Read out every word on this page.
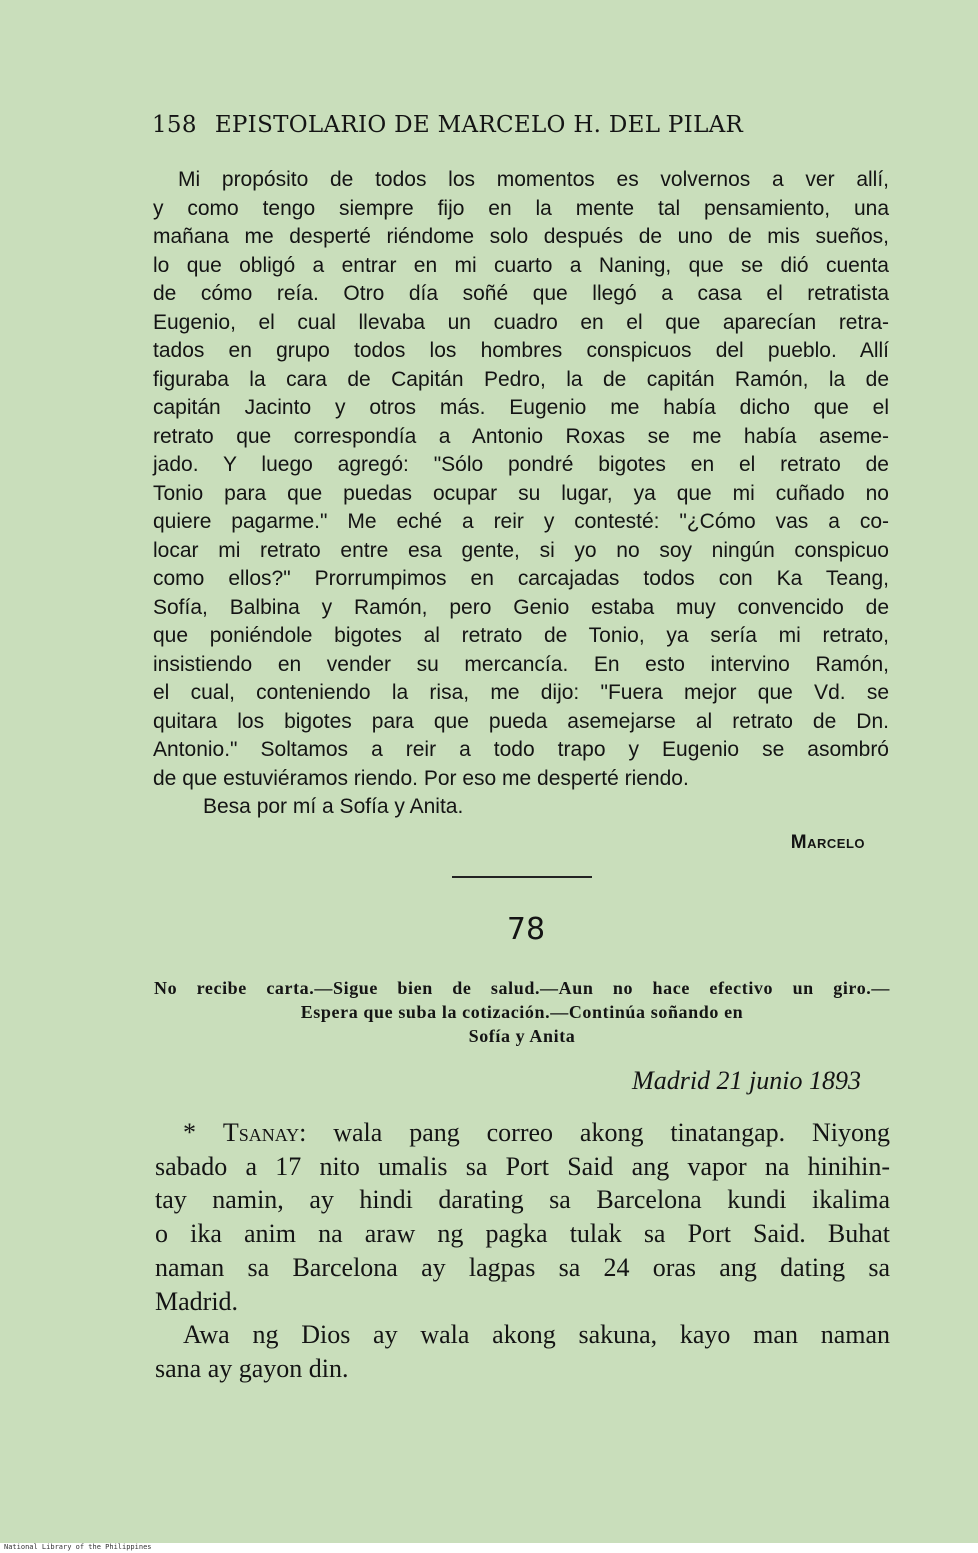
158 EPISTOLARIO DE MARCELO H. DEL PILAR
Mi propósito de todos los momentos es volvernos a ver allí,
y como tengo siempre fijo en la mente tal pensamiento, una
mañana me desperté riéndome solo después de uno de mis sueños,
lo que obligó a entrar en mi cuarto a Naning, que se dió cuenta
de cómo reía. Otro día soñé que llegó a casa el retratista
Eugenio, el cual llevaba un cuadro en el que aparecían retra-
tados en grupo todos los hombres conspicuos del pueblo. Allí
figuraba la cara de Capitán Pedro, la de capitán Ramón, la de
capitán Jacinto y otros más. Eugenio me había dicho que el
retrato que correspondía a Antonio Roxas se me había aseme-
jado. Y luego agregó: "Sólo pondré bigotes en el retrato de
Tonio para que puedas ocupar su lugar, ya que mi cuñado no
quiere pagarme." Me eché a reir y contesté: "¿Cómo vas a co-
locar mi retrato entre esa gente, si yo no soy ningún conspicuo
como ellos?" Prorrumpimos en carcajadas todos con Ka Teang,
Sofía, Balbina y Ramón, pero Genio estaba muy convencido de
que poniéndole bigotes al retrato de Tonio, ya sería mi retrato,
insistiendo en vender su mercancía. En esto intervino Ramón,
el cual, conteniendo la risa, me dijo: "Fuera mejor que Vd. se
quitara los bigotes para que pueda asemejarse al retrato de Dn.
Antonio." Soltamos a reir a todo trapo y Eugenio se asombró
de que estuviéramos riendo. Por eso me desperté riendo.

Besa por mí a Sofía y Anita.

Marcelo
78
No recibe carta.—Sigue bien de salud.—Aun no hace efectivo un giro.—
Espera que suba la cotización.—Continúa soñando en
Sofía y Anita
Madrid 21 junio 1893
* Tsanay: wala pang correo akong tinatangap. Niyong
sabado a 17 nito umalis sa Port Said ang vapor na hinihin-
tay namin, ay hindi darating sa Barcelona kundi ikalima
o ika anim na araw ng pagka tulak sa Port Said. Buhat
naman sa Barcelona ay lagpas sa 24 oras ang dating sa
Madrid.
Awa ng Dios ay wala akong sakuna, kayo man naman
sana ay gayon din.
National Library of the Philippines
